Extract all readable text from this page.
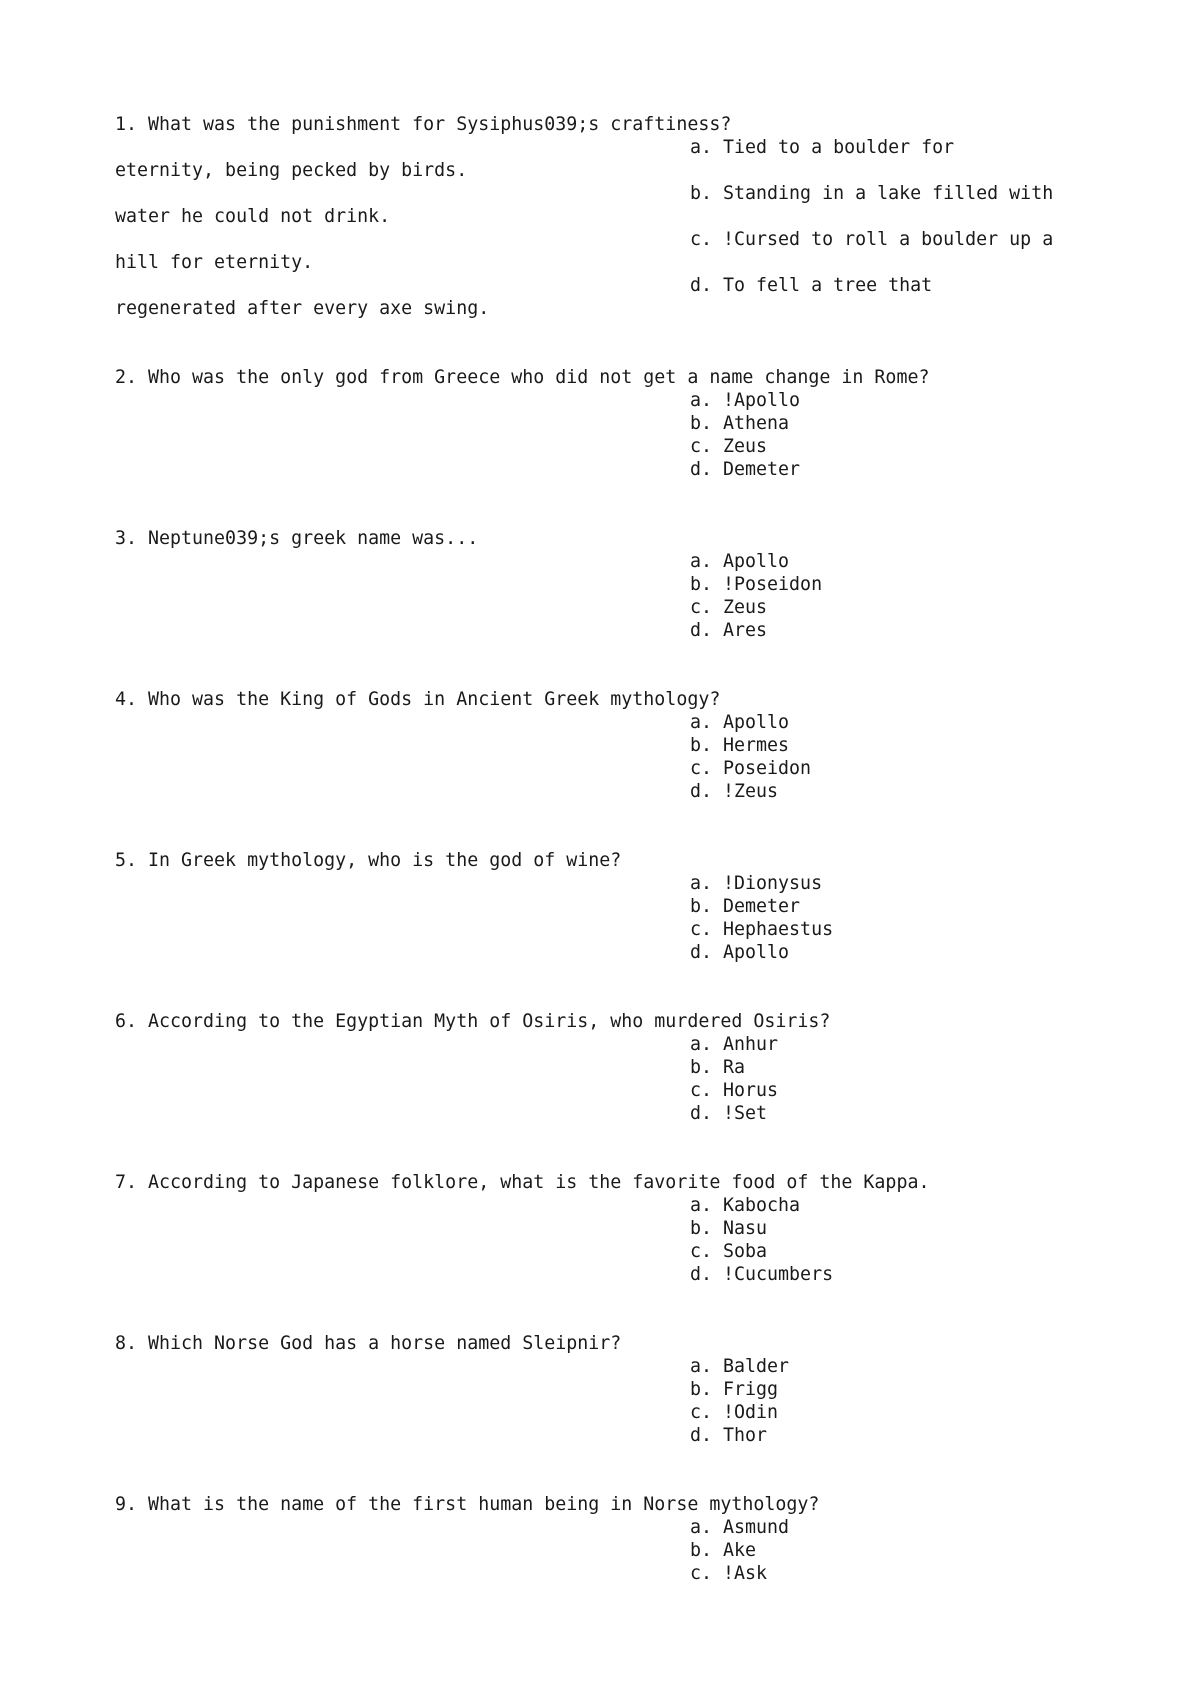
1. What was the punishment for Sysiphus039;s craftiness?
a. Tied to a boulder for
eternity, being pecked by birds.
b. Standing in a lake filled with
water he could not drink.
c. !Cursed to roll a boulder up a
hill for eternity.
d. To fell a tree that
regenerated after every axe swing.
2. Who was the only god from Greece who did not get a name change in Rome?
a. !Apollo
b. Athena
c. Zeus
d. Demeter
3. Neptune039;s greek name was...
a. Apollo
b. !Poseidon
c. Zeus
d. Ares
4. Who was the King of Gods in Ancient Greek mythology?
a. Apollo
b. Hermes
c. Poseidon
d. !Zeus
5. In Greek mythology, who is the god of wine?
a. !Dionysus
b. Demeter
c. Hephaestus
d. Apollo
6. According to the Egyptian Myth of Osiris, who murdered Osiris?
a. Anhur
b. Ra
c. Horus
d. !Set
7. According to Japanese folklore, what is the favorite food of the Kappa.
a. Kabocha
b. Nasu
c. Soba
d. !Cucumbers
8. Which Norse God has a horse named Sleipnir?
a. Balder
b. Frigg
c. !Odin
d. Thor
9. What is the name of the first human being in Norse mythology?
a. Asmund
b. Ake
c. !Ask
